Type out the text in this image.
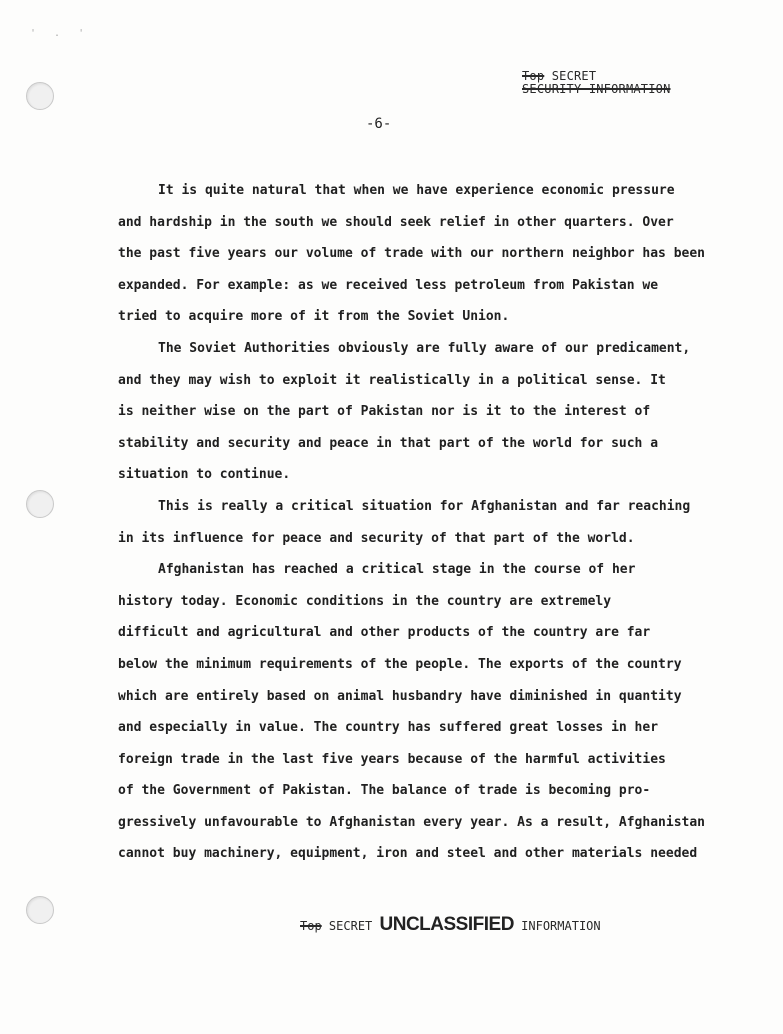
' . '
Top SECRET
SECURITY INFORMATION
-6-
It is quite natural that when we have experience economic pressure
and hardship in the south we should seek relief in other quarters. Over
the past five years our volume of trade with our northern neighbor has been
expanded. For example: as we received less petroleum from Pakistan we
tried to acquire more of it from the Soviet Union.
The Soviet Authorities obviously are fully aware of our predicament,
and they may wish to exploit it realistically in a political sense. It
is neither wise on the part of Pakistan nor is it to the interest of
stability and security and peace in that part of the world for such a
situation to continue.
This is really a critical situation for Afghanistan and far reaching
in its influence for peace and security of that part of the world.
Afghanistan has reached a critical stage in the course of her
history today. Economic conditions in the country are extremely
difficult and agricultural and other products of the country are far
below the minimum requirements of the people. The exports of the country
which are entirely based on animal husbandry have diminished in quantity
and especially in value. The country has suffered great losses in her
foreign trade in the last five years because of the harmful activities
of the Government of Pakistan. The balance of trade is becoming pro-
gressively unfavourable to Afghanistan every year. As a result, Afghanistan
cannot buy machinery, equipment, iron and steel and other materials needed
Top SECRET UNCLASSIFIED INFORMATION
